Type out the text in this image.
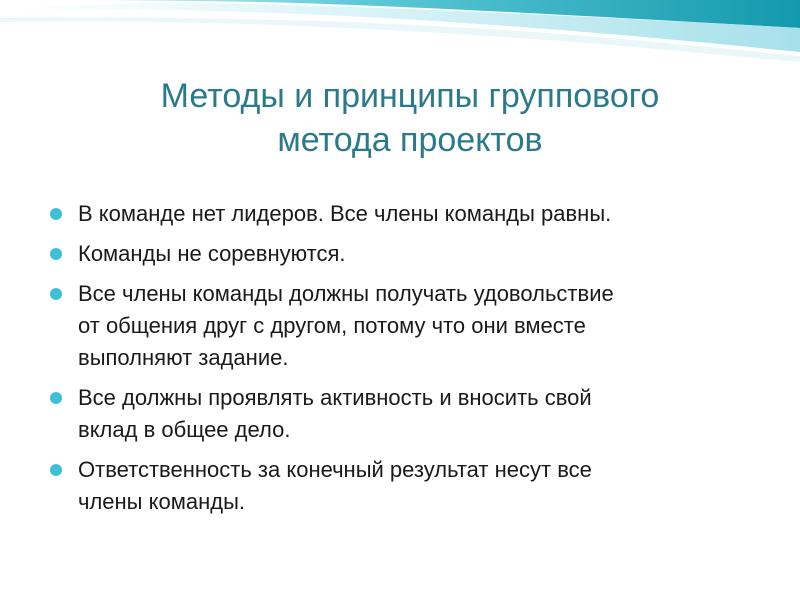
Методы и принципы группового
метода проектов
В команде нет лидеров. Все члены команды равны.
Команды не соревнуются.
Все члены команды должны получать удовольствие
от общения друг с другом, потому что они вместе
выполняют задание.
Все должны проявлять активность и вносить свой
вклад в общее дело.
Ответственность за конечный результат несут все
члены команды.
